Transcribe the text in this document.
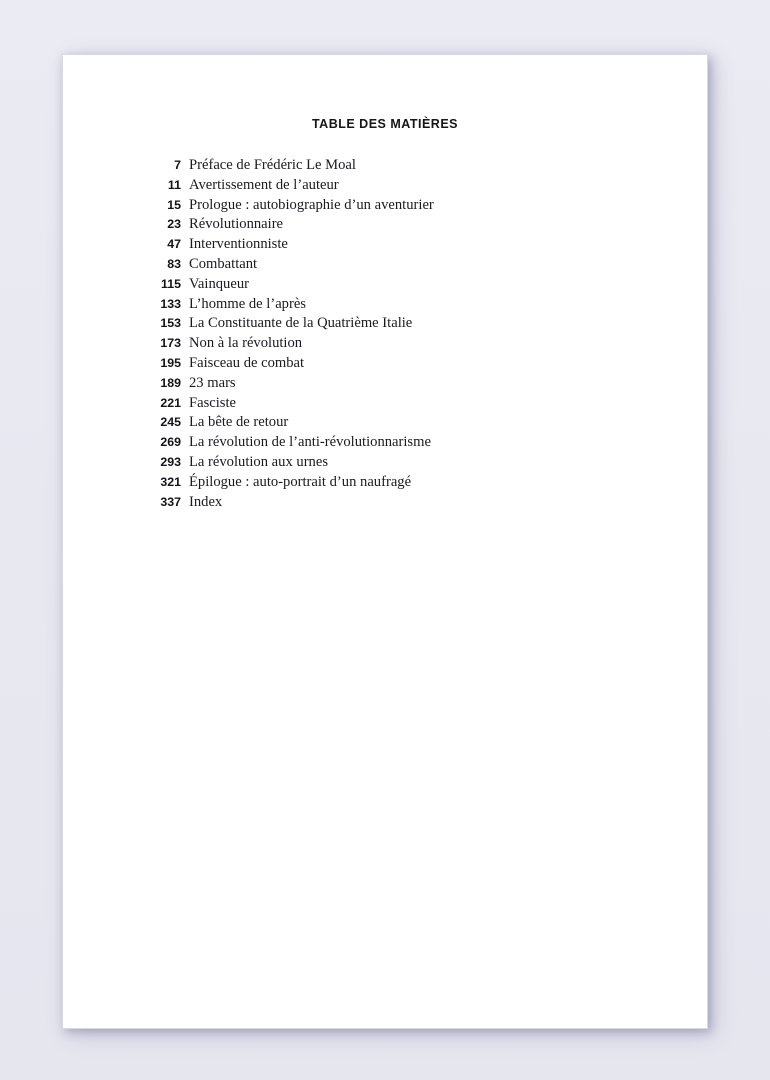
TABLE DES MATIÈRES
7 Préface de Frédéric Le Moal
11 Avertissement de l’auteur
15 Prologue : autobiographie d’un aventurier
23 Révolutionnaire
47 Interventionniste
83 Combattant
115 Vainqueur
133 L’homme de l’après
153 La Constituante de la Quatrième Italie
173 Non à la révolution
195 Faisceau de combat
189 23 mars
221 Fasciste
245 La bête de retour
269 La révolution de l’anti-révolutionnarisme
293 La révolution aux urnes
321 Épilogue : auto-portrait d’un naufragé
337 Index
